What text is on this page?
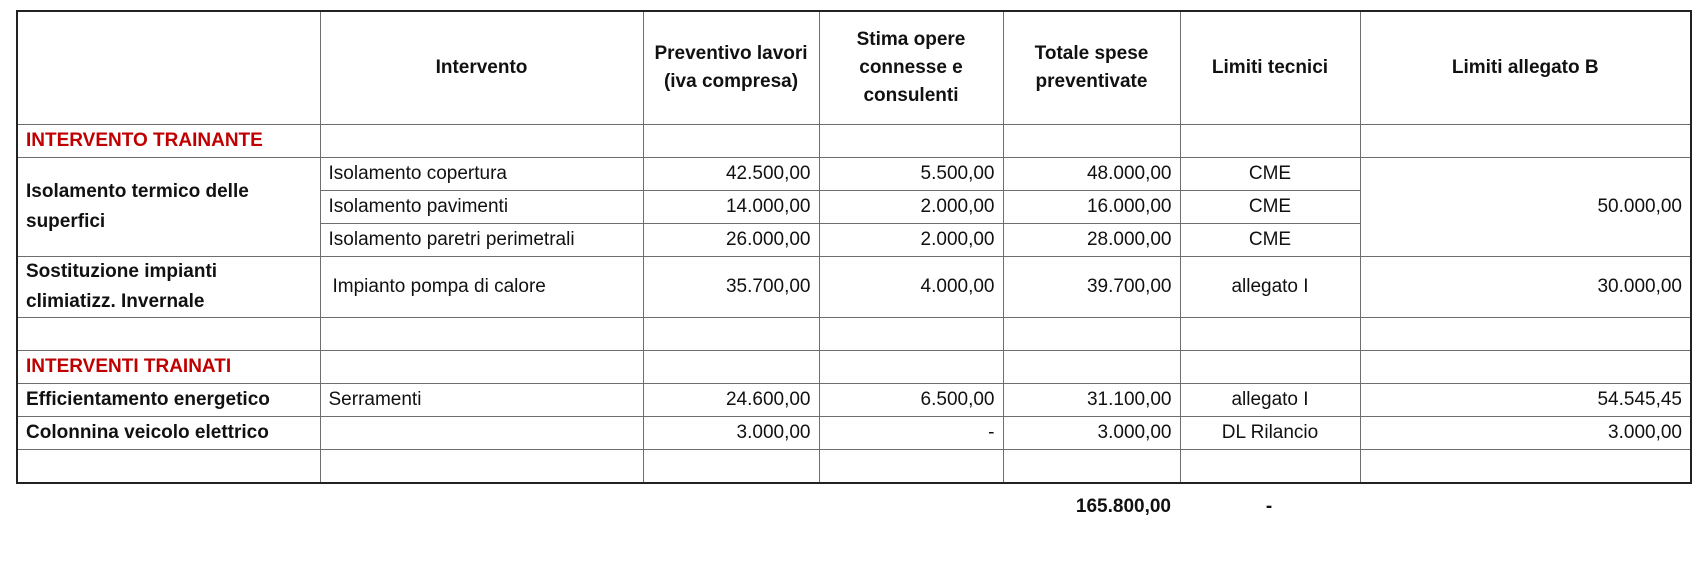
	Intervento	Preventivo lavori (iva compresa)	Stima opere connesse e consulenti	Totale spese preventivate	Limiti tecnici	Limiti allegato B
INTERVENTO TRAINANTE						
Isolamento termico delle superfici	Isolamento copertura	42.500,00	5.500,00	48.000,00	CME	50.000,00
	Isolamento pavimenti	14.000,00	2.000,00	16.000,00	CME	
	Isolamento paretri perimetrali	26.000,00	2.000,00	28.000,00	CME	
Sostituzione impianti climiatizz. Invernale	Impianto pompa di calore	35.700,00	4.000,00	39.700,00	allegato I	30.000,00

INTERVENTI TRAINATI						
Efficientamento energetico	Serramenti	24.600,00	6.500,00	31.100,00	allegato I	54.545,45
Colonnina veicolo elettrico		3.000,00	-	3.000,00	DL Rilancio	3.000,00

				165.800,00	-	
